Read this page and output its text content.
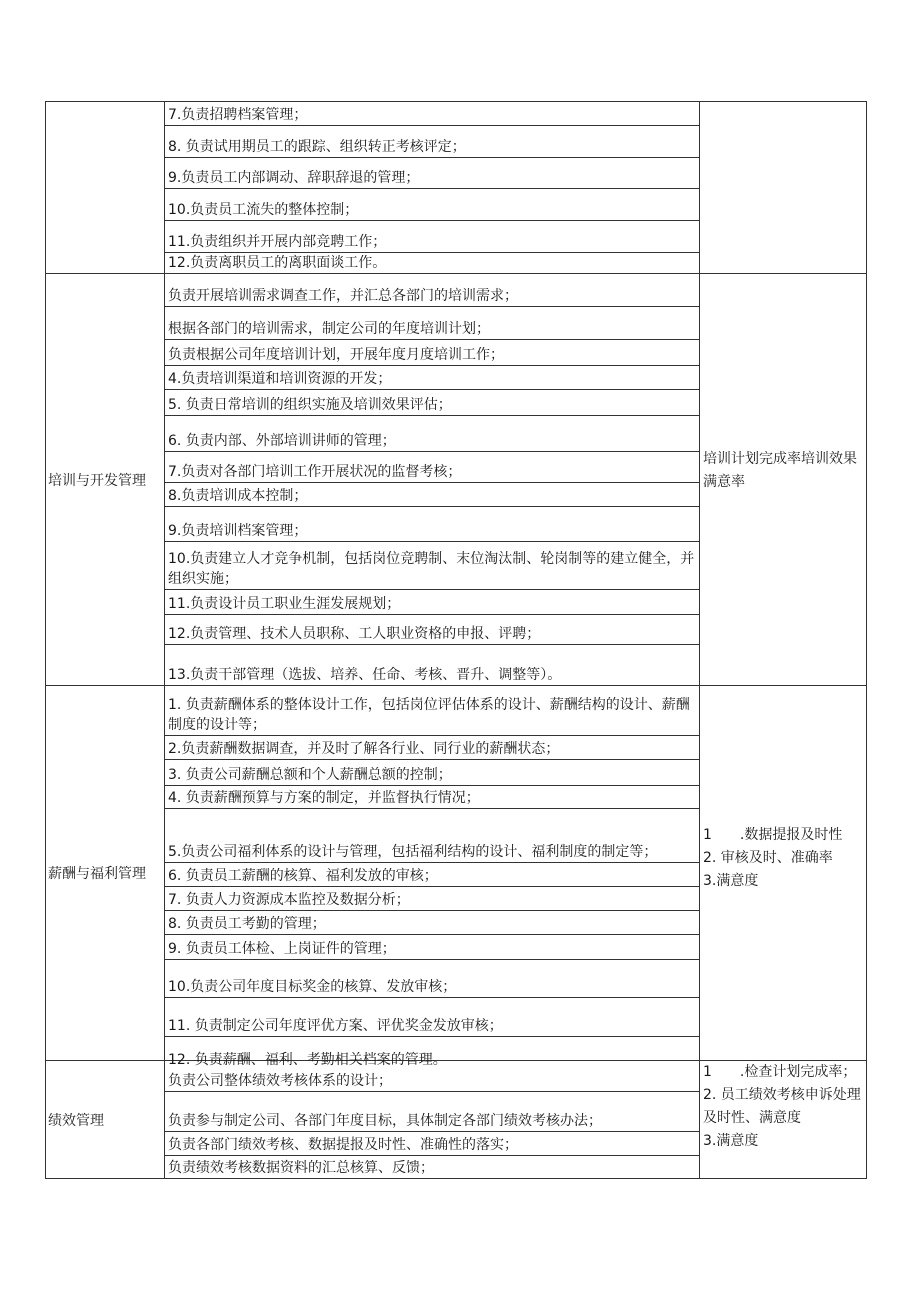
7.负责招聘档案管理；
8. 负责试用期员工的跟踪、组织转正考核评定；
9.负责员工内部调动、辞职辞退的管理；
10.负责员工流失的整体控制；
11.负责组织并开展内部竞聘工作；
12.负责离职员工的离职面谈工作。
培训与开发管理
负责开展培训需求调查工作，并汇总各部门的培训需求；
根据各部门的培训需求，制定公司的年度培训计划；
负责根据公司年度培训计划，开展年度月度培训工作；
4.负责培训渠道和培训资源的开发；
5. 负责日常培训的组织实施及培训效果评估；
6. 负责内部、外部培训讲师的管理；
7.负责对各部门培训工作开展状况的监督考核；
8.负责培训成本控制；
9.负责培训档案管理；
10.负责建立人才竞争机制，包括岗位竞聘制、末位淘汰制、轮岗制等的建立健全，并组织实施；
11.负责设计员工职业生涯发展规划；
12.负责管理、技术人员职称、工人职业资格的申报、评聘；
13.负责干部管理（选拔、培养、任命、考核、晋升、调整等）。
培训计划完成率培训效果满意率
薪酬与福利管理
1. 负责薪酬体系的整体设计工作，包括岗位评估体系的设计、薪酬结构的设计、薪酬制度的设计等；
2.负责薪酬数据调查，并及时了解各行业、同行业的薪酬状态；
3. 负责公司薪酬总额和个人薪酬总额的控制；
4. 负责薪酬预算与方案的制定，并监督执行情况；
5.负责公司福利体系的设计与管理，包括福利结构的设计、福利制度的制定等；
6. 负责员工薪酬的核算、福利发放的审核；
7. 负责人力资源成本监控及数据分析；
8. 负责员工考勤的管理；
9. 负责员工体检、上岗证件的管理；
10.负责公司年度目标奖金的核算、发放审核；
11. 负责制定公司年度评优方案、评优奖金发放审核；
12. 负责薪酬、福利、考勤相关档案的管理。
1　　.数据提报及时性
2. 审核及时、准确率
3.满意度
绩效管理
负责公司整体绩效考核体系的设计；
负责参与制定公司、各部门年度目标，具体制定各部门绩效考核办法；
负责各部门绩效考核、数据提报及时性、准确性的落实；
负责绩效考核数据资料的汇总核算、反馈；
1　　.检查计划完成率；
2. 员工绩效考核申诉处理及时性、满意度
3.满意度
